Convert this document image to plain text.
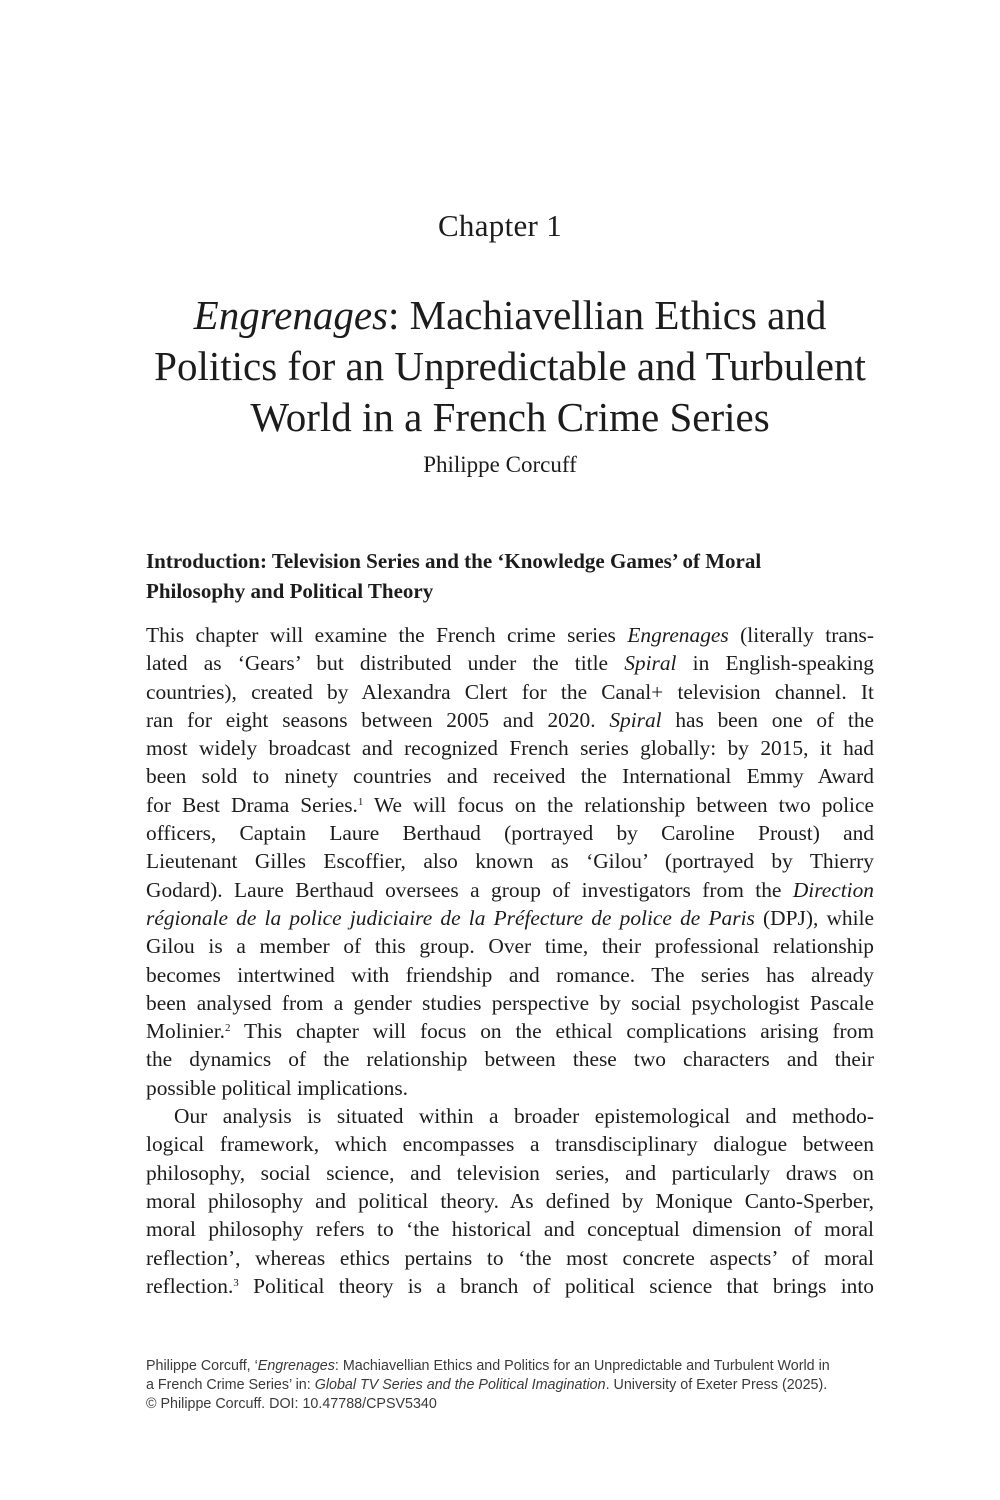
Chapter 1
Engrenages: Machiavellian Ethics and
Politics for an Unpredictable and Turbulent
World in a French Crime Series
Philippe Corcuff
Introduction: Television Series and the ‘Knowledge Games’ of Moral
Philosophy and Political Theory

This chapter will examine the French crime series Engrenages (literally trans-
lated as ‘Gears’ but distributed under the title Spiral in English-speaking
countries), created by Alexandra Clert for the Canal+ television channel. It
ran for eight seasons between 2005 and 2020. Spiral has been one of the
most widely broadcast and recognized French series globally: by 2015, it had
been sold to ninety countries and received the International Emmy Award
for Best Drama Series.$^1$ We will focus on the relationship between two police
officers, Captain Laure Berthaud (portrayed by Caroline Proust) and
Lieutenant Gilles Escoffier, also known as ‘Gilou’ (portrayed by Thierry
Godard). Laure Berthaud oversees a group of investigators from the Direction
régionale de la police judiciaire de la Préfecture de police de Paris (DPJ), while
Gilou is a member of this group. Over time, their professional relationship
becomes intertwined with friendship and romance. The series has already
been analysed from a gender studies perspective by social psychologist Pascale
Molinier.$^2$ This chapter will focus on the ethical complications arising from
the dynamics of the relationship between these two characters and their
possible political implications.

Our analysis is situated within a broader epistemological and methodo-
logical framework, which encompasses a transdisciplinary dialogue between
philosophy, social science, and television series, and particularly draws on
moral philosophy and political theory. As defined by Monique Canto-Sperber,
moral philosophy refers to ‘the historical and conceptual dimension of moral
reflection’, whereas ethics pertains to ‘the most concrete aspects’ of moral
reflection.$^3$ Political theory is a branch of political science that brings into

Philippe Corcuff, ‘Engrenages: Machiavellian Ethics and Politics for an Unpredictable and Turbulent World in
a French Crime Series’ in: Global TV Series and the Political Imagination. University of Exeter Press (2025).
© Philippe Corcuff. DOI: 10.47788/CPSV5340
